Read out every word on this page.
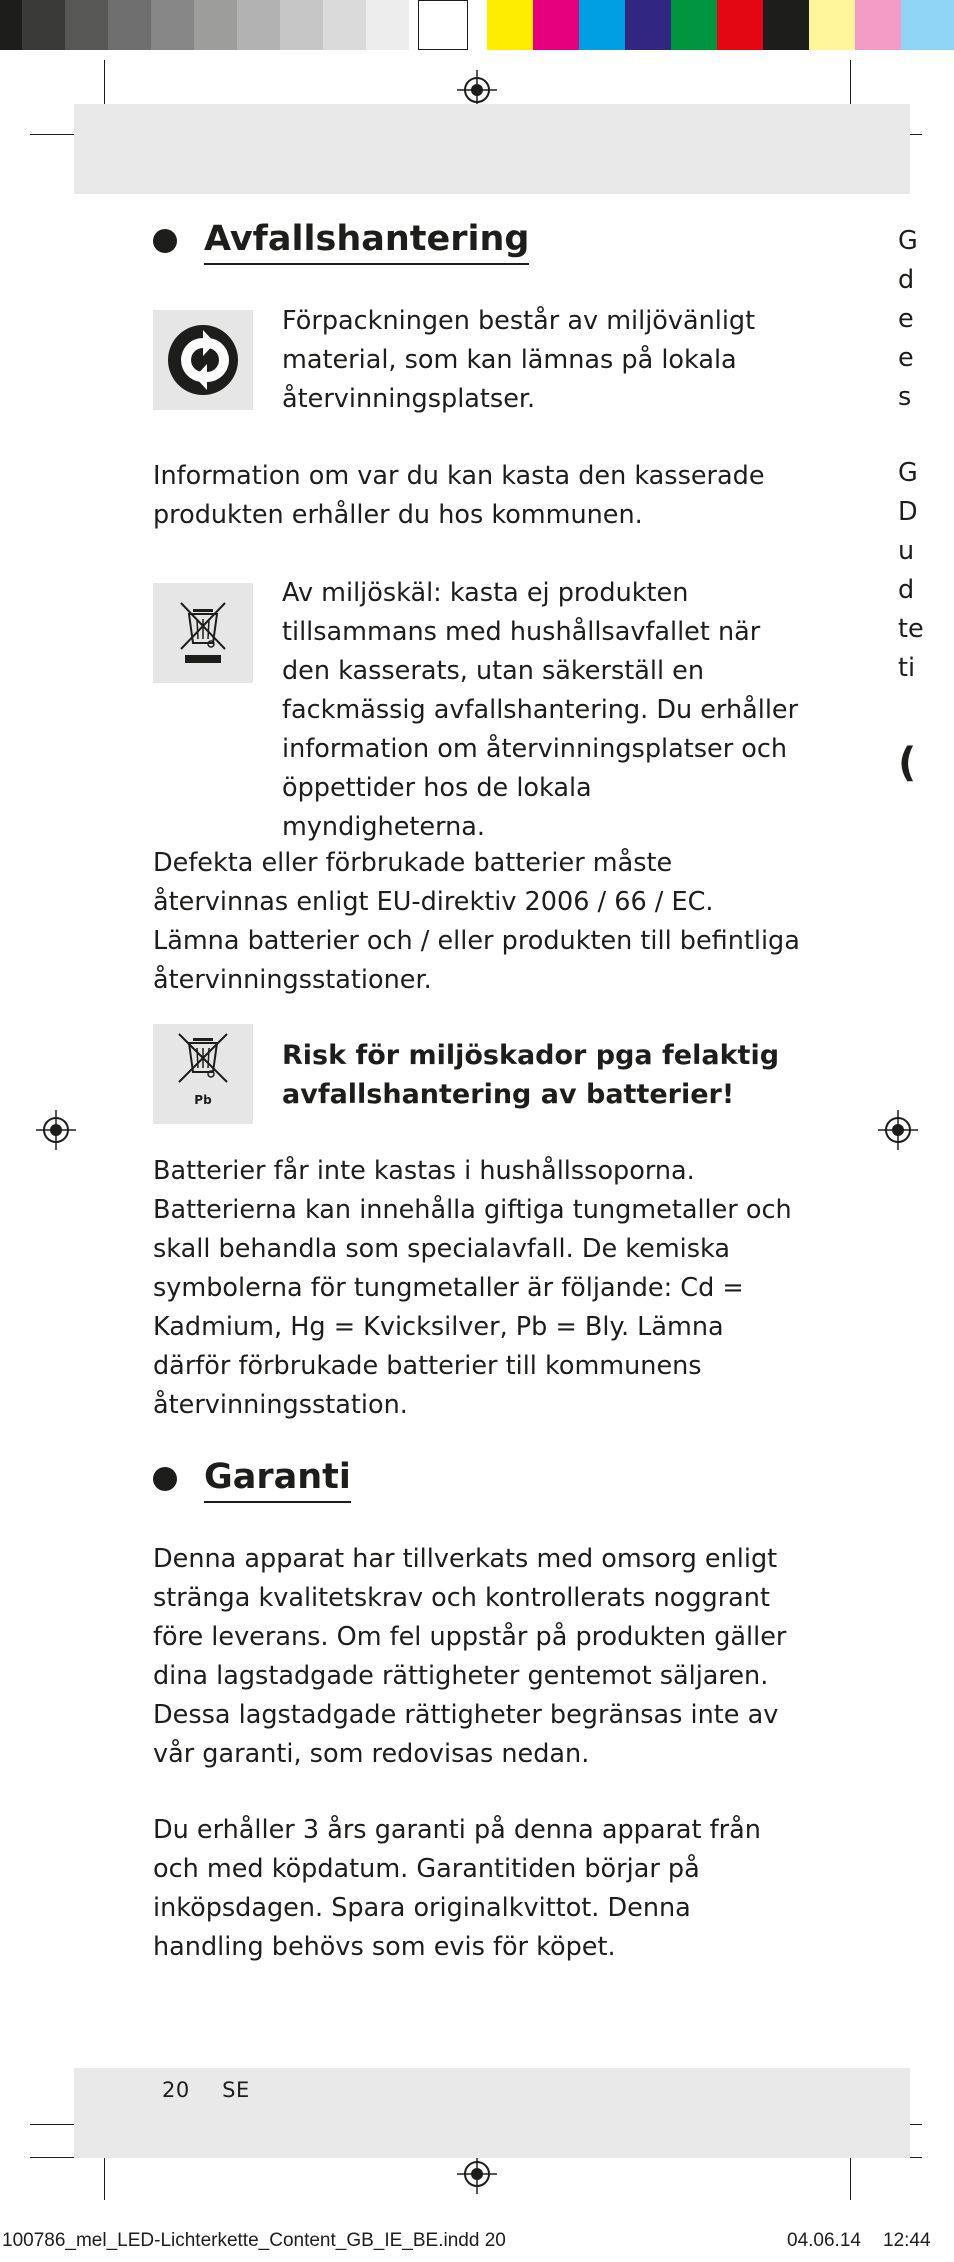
Avfallshantering

Förpackningen består av miljövänligt material, som kan lämnas på lokala återvinningsplatser.

Information om var du kan kasta den kasserade produkten erhåller du hos kommunen.

Av miljöskäl: kasta ej produkten tillsammans med hushållsavfallet när den kasserats, utan säkerställ en fackmässig avfallshantering. Du erhåller information om återvinningsplatser och öppettider hos de lokala myndigheterna.

Defekta eller förbrukade batterier måste återvinnas enligt EU-direktiv 2006 / 66 / EC. Lämna batterier och / eller produkten till befintliga återvinningsstationer.

Pb

Risk för miljöskador pga felaktig avfallshantering av batterier!

Batterier får inte kastas i hushållssoporna. Batterierna kan innehålla giftiga tungmetaller och skall behandla som specialavfall. De kemiska symbolerna för tungmetaller är följande: Cd = Kadmium, Hg = Kvicksilver, Pb = Bly. Lämna därför förbrukade batterier till kommunens återvinningsstation.

Garanti

Denna apparat har tillverkats med omsorg enligt stränga kvalitetskrav och kontrollerats noggrant före leverans. Om fel uppstår på produkten gäller dina lagstadgade rättigheter gentemot säljaren. Dessa lagstadgade rättigheter begränsas inte av vår garanti, som redovisas nedan.

Du erhåller 3 års garanti på denna apparat från och med köpdatum. Garantitiden börjar på inköpsdagen. Spara originalkvittot. Denna handling behövs som evis för köpet.

G
d
e
e
s
G
D
u
d
te
ti
(
20 SE
100786_mel_LED-Lichterkette_Content_GB_IE_BE.indd 20	04.06.14 12:44
